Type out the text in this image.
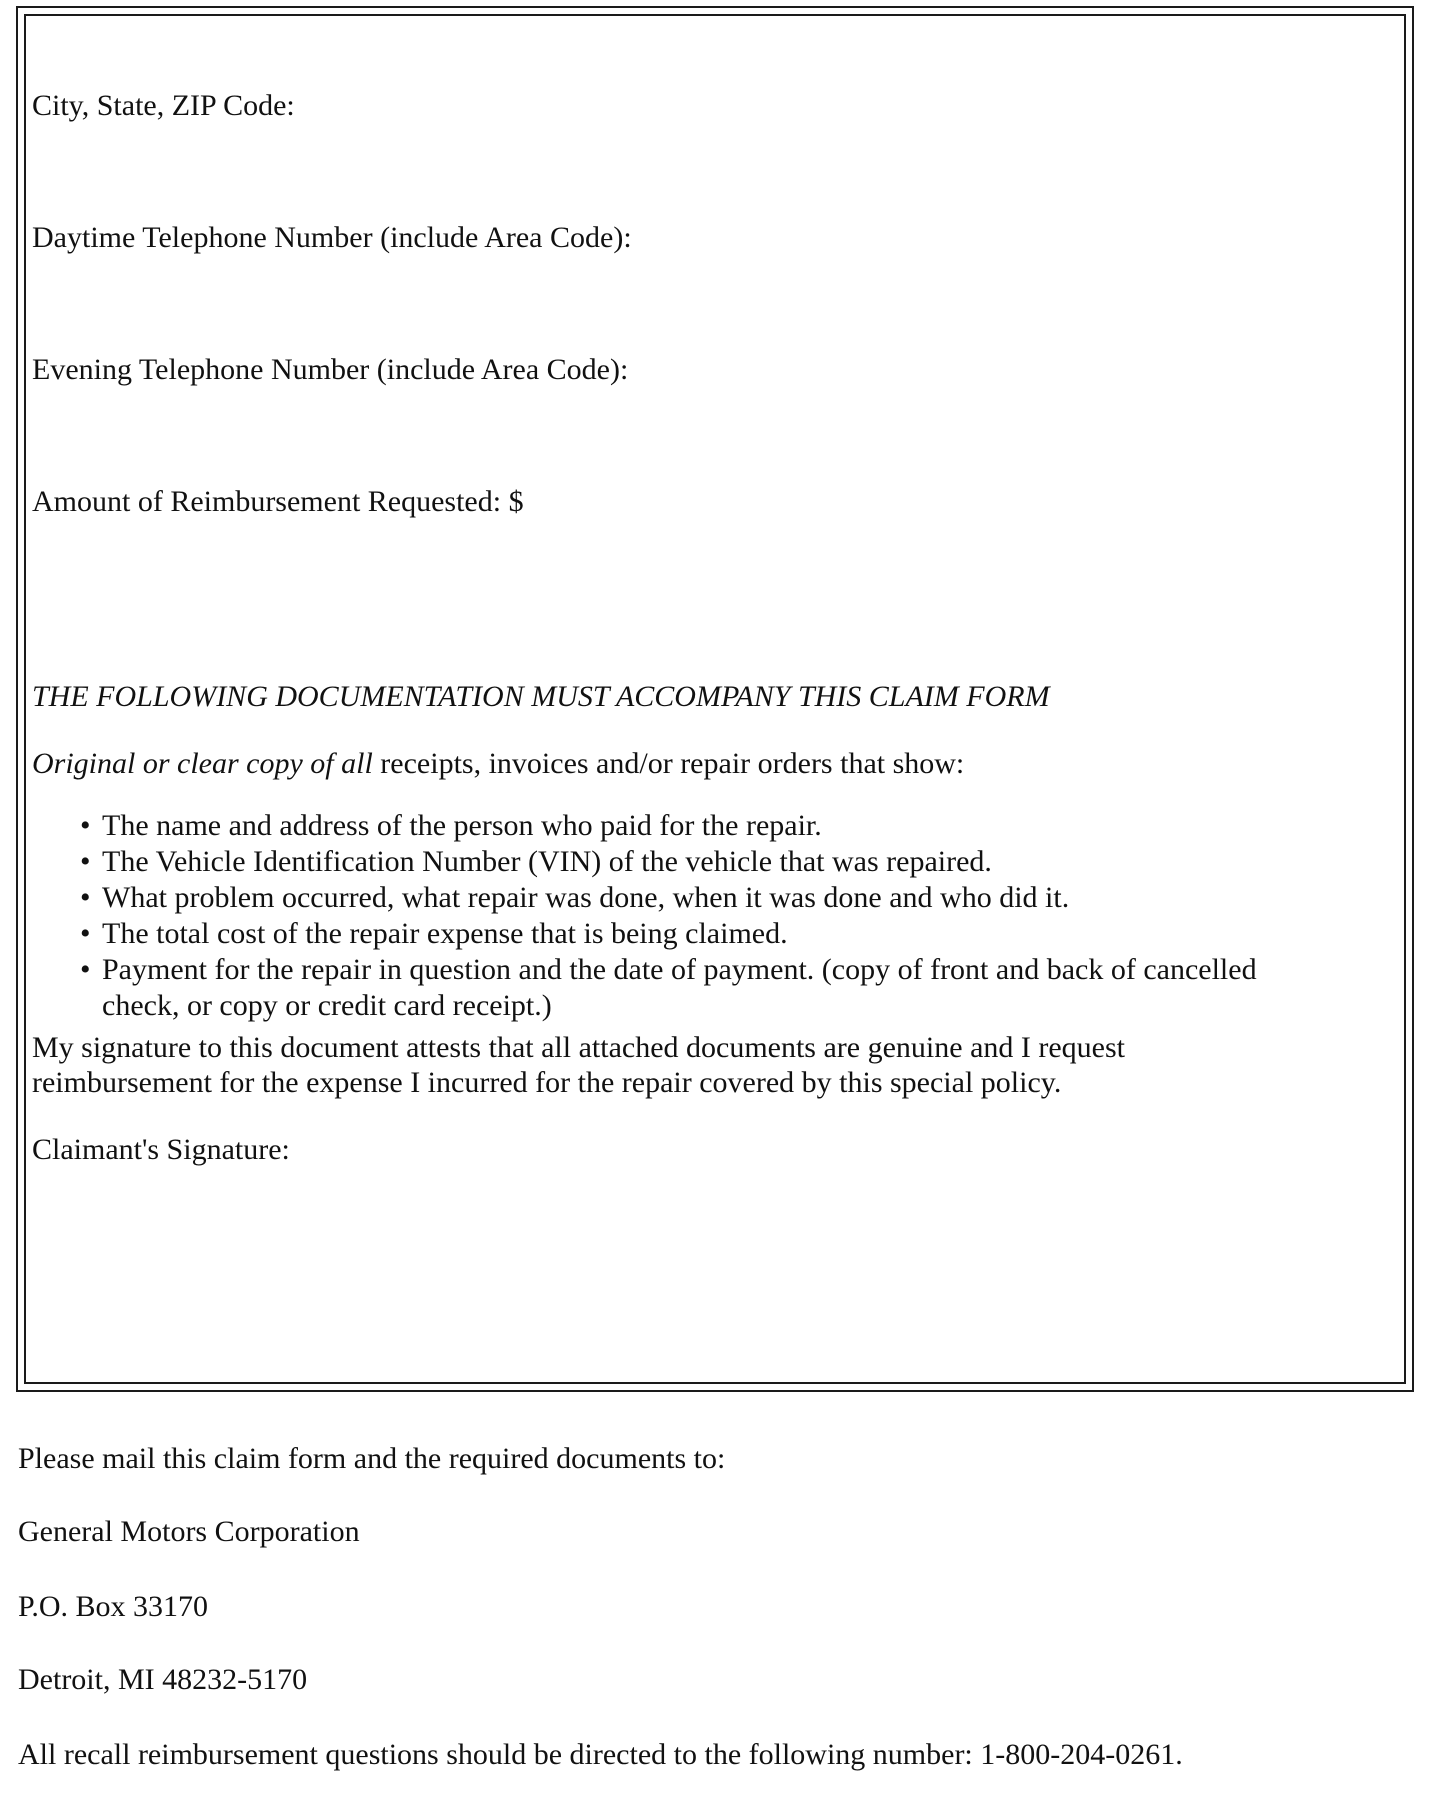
City, State, ZIP Code:

Daytime Telephone Number (include Area Code):

Evening Telephone Number (include Area Code):

Amount of Reimbursement Requested: $

THE FOLLOWING DOCUMENTATION MUST ACCOMPANY THIS CLAIM FORM

Original or clear copy of all receipts, invoices and/or repair orders that show:

• The name and address of the person who paid for the repair.
• The Vehicle Identification Number (VIN) of the vehicle that was repaired.
• What problem occurred, what repair was done, when it was done and who did it.
• The total cost of the repair expense that is being claimed.
• Payment for the repair in question and the date of payment. (copy of front and back of cancelled
check, or copy or credit card receipt.)

My signature to this document attests that all attached documents are genuine and I request

reimbursement for the expense I incurred for the repair covered by this special policy.

Claimant's Signature:

Please mail this claim form and the required documents to:

General Motors Corporation

P.O. Box 33170

Detroit, MI 48232-5170

All recall reimbursement questions should be directed to the following number: 1-800-204-0261.
